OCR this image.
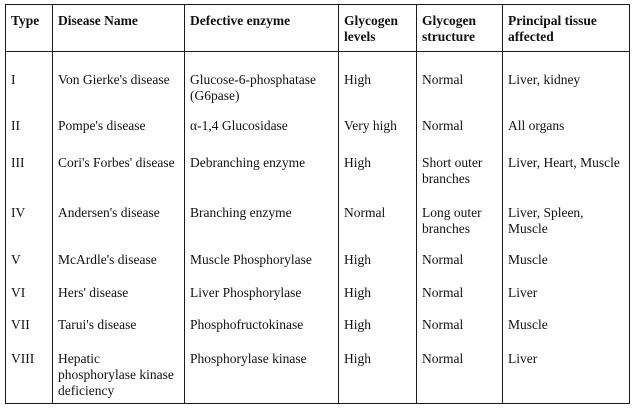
Type	Disease Name	Defective enzyme	Glycogen levels	Glycogen structure	Principal tissue affected
I	Von Gierke's disease	Glucose-6-phosphatase (G6pase)	High	Normal	Liver, kidney
II	Pompe's disease	α-1,4 Glucosidase	Very high	Normal	All organs
III	Cori's Forbes' disease	Debranching enzyme	High	Short outer branches	Liver, Heart, Muscle
IV	Andersen's disease	Branching enzyme	Normal	Long outer branches	Liver, Spleen, Muscle
V	McArdle's disease	Muscle Phosphorylase	High	Normal	Muscle
VI	Hers' disease	Liver Phosphorylase	High	Normal	Liver
VII	Tarui's disease	Phosphofructokinase	High	Normal	Muscle
VIII	Hepatic phosphorylase kinase deficiency	Phosphorylase kinase	High	Normal	Liver
